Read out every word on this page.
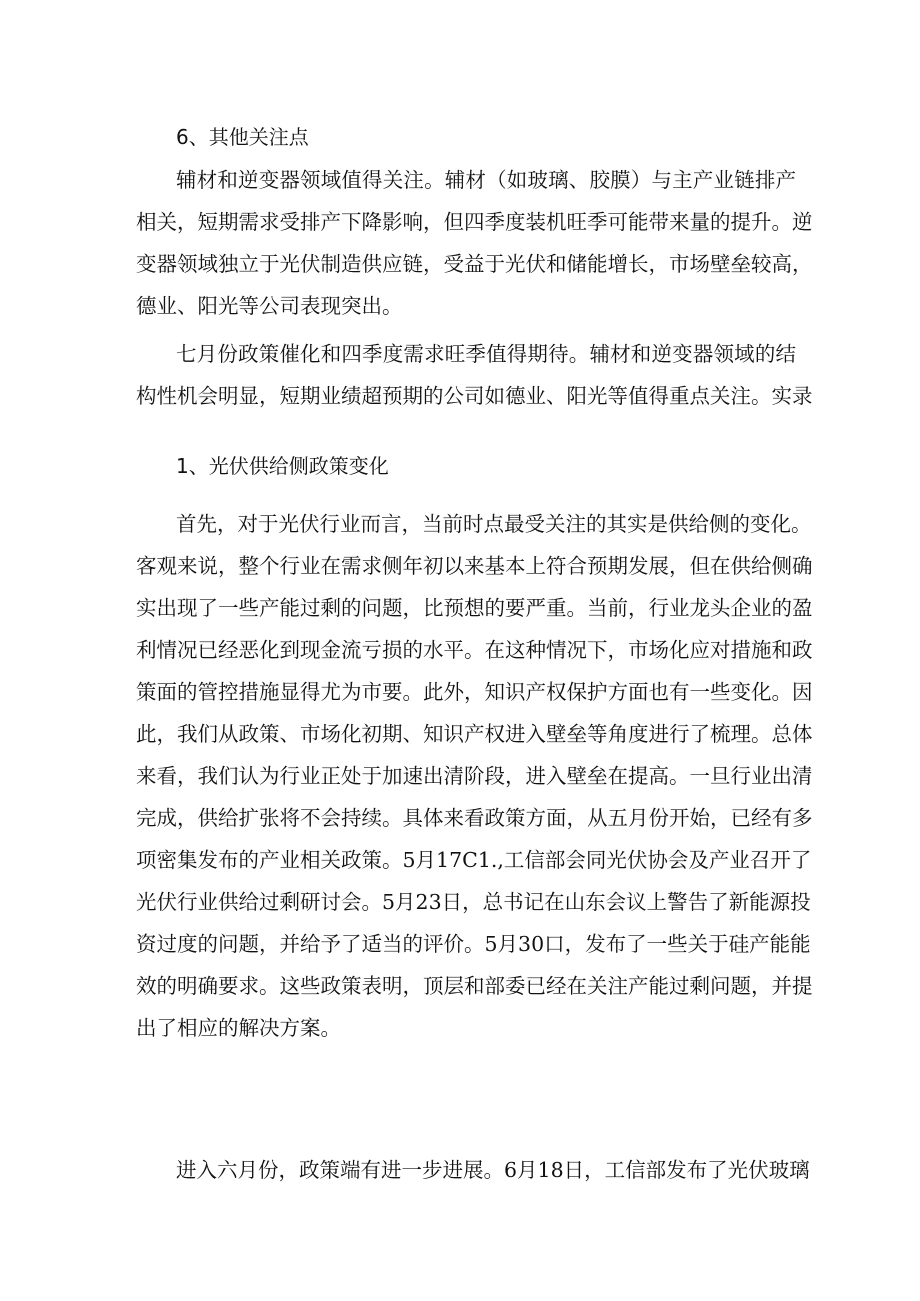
6、其他关注点
辅材和逆变器领域值得关注。辅材（如玻璃、胶膜）与主产业链排产
相关，短期需求受排产下降影响，但四季度装机旺季可能带来量的提升。逆
变器领域独立于光伏制造供应链，受益于光伏和储能增长，市场壁垒较高，
德业、阳光等公司表现突出。
七月份政策催化和四季度需求旺季值得期待。辅材和逆变器领域的结
构性机会明显，短期业绩超预期的公司如德业、阳光等值得重点关注。实录
1、光伏供给侧政策变化
首先，对于光伏行业而言，当前时点最受关注的其实是供给侧的变化。
客观来说，整个行业在需求侧年初以来基本上符合预期发展，但在供给侧确
实出现了一些产能过剩的问题，比预想的要严重。当前，行业龙头企业的盈
利情况已经恶化到现金流亏损的水平。在这种情况下，市场化应对措施和政
策面的管控措施显得尤为市要。此外，知识产权保护方面也有一些变化。因
此，我们从政策、市场化初期、知识产权进入壁垒等角度进行了梳理。总体
来看，我们认为行业正处于加速出清阶段，进入壁垒在提高。一旦行业出清
完成，供给扩张将不会持续。具体来看政策方面，从五月份开始，已经有多
项密集发布的产业相关政策。5月17C1.,工信部会同光伏协会及产业召开了
光伏行业供给过剩研讨会。5月23日，总书记在山东会议上警告了新能源投
资过度的问题，并给予了适当的评价。5月30口，发布了一些关于硅产能能
效的明确要求。这些政策表明，顶层和部委已经在关注产能过剩问题，并提
出了相应的解决方案。
进入六月份，政策端有进一步进展。6月18日，工信部发布了光伏玻璃
